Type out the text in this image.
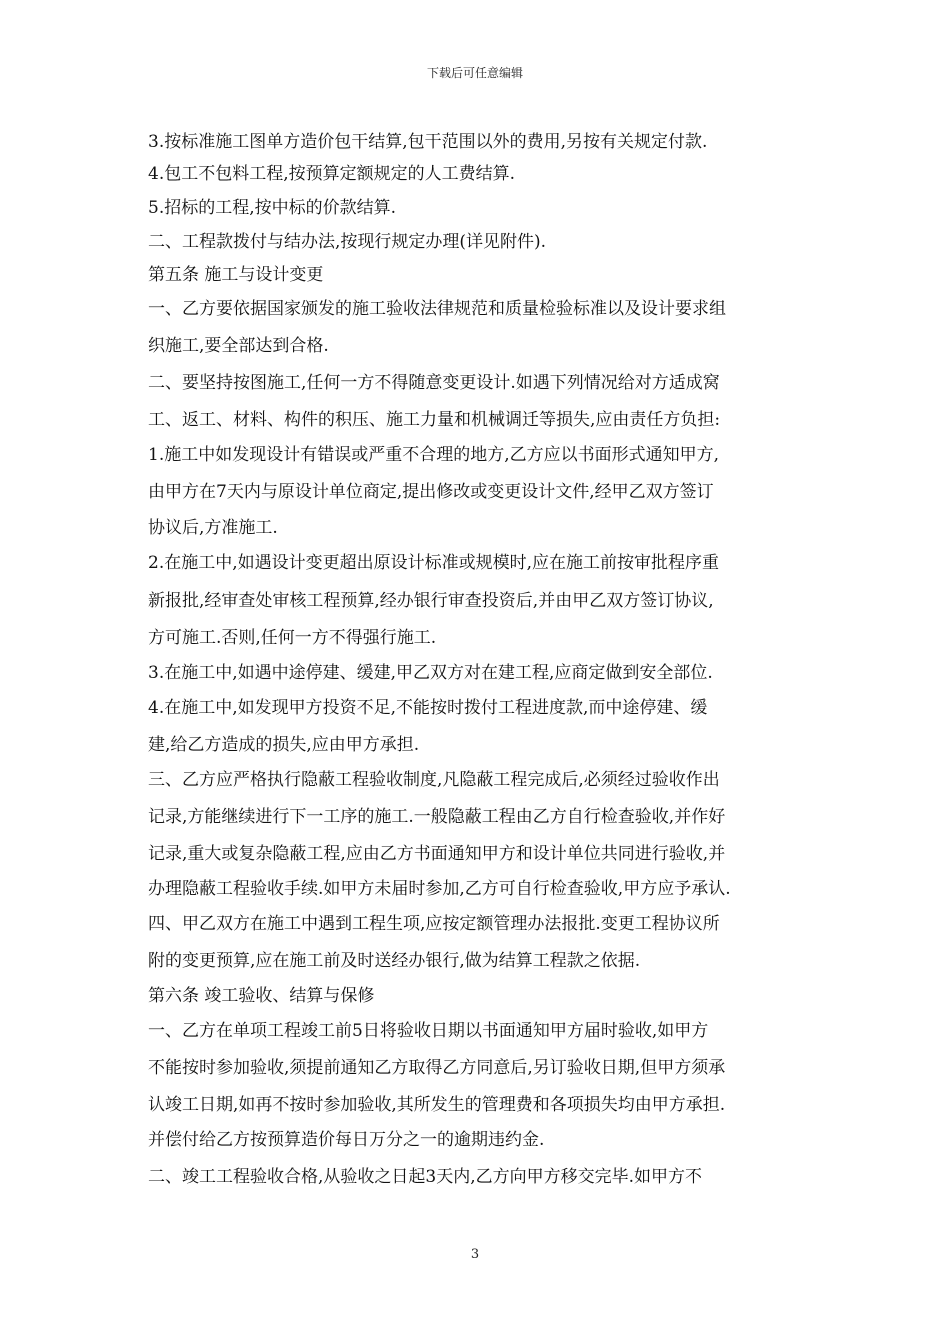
下载后可任意编辑
3.按标准施工图单方造价包干结算,包干范围以外的费用,另按有关规定付款.
4.包工不包料工程,按预算定额规定的人工费结算.
5.招标的工程,按中标的价款结算.
二、工程款拨付与结办法,按现行规定办理(详见附件).
第五条 施工与设计变更
一、乙方要依据国家颁发的施工验收法律规范和质量检验标准以及设计要求组
织施工,要全部达到合格.
二、要坚持按图施工,任何一方不得随意变更设计.如遇下列情况给对方适成窝
工、返工、材料、构件的积压、施工力量和机械调迁等损失,应由责任方负担:
1.施工中如发现设计有错误或严重不合理的地方,乙方应以书面形式通知甲方,
由甲方在7天内与原设计单位商定,提出修改或变更设计文件,经甲乙双方签订
协议后,方准施工.
2.在施工中,如遇设计变更超出原设计标准或规模时,应在施工前按审批程序重
新报批,经审查处审核工程预算,经办银行审查投资后,并由甲乙双方签订协议,
方可施工.否则,任何一方不得强行施工.
3.在施工中,如遇中途停建、缓建,甲乙双方对在建工程,应商定做到安全部位.
4.在施工中,如发现甲方投资不足,不能按时拨付工程进度款,而中途停建、缓
建,给乙方造成的损失,应由甲方承担.
三、乙方应严格执行隐蔽工程验收制度,凡隐蔽工程完成后,必须经过验收作出
记录,方能继续进行下一工序的施工.一般隐蔽工程由乙方自行检查验收,并作好
记录,重大或复杂隐蔽工程,应由乙方书面通知甲方和设计单位共同进行验收,并
办理隐蔽工程验收手续.如甲方未届时参加,乙方可自行检查验收,甲方应予承认.
四、甲乙双方在施工中遇到工程生项,应按定额管理办法报批.变更工程协议所
附的变更预算,应在施工前及时送经办银行,做为结算工程款之依据.
第六条 竣工验收、结算与保修
一、乙方在单项工程竣工前5日将验收日期以书面通知甲方届时验收,如甲方
不能按时参加验收,须提前通知乙方取得乙方同意后,另订验收日期,但甲方须承
认竣工日期,如再不按时参加验收,其所发生的管理费和各项损失均由甲方承担.
并偿付给乙方按预算造价每日万分之一的逾期违约金.
二、竣工工程验收合格,从验收之日起3天内,乙方向甲方移交完毕.如甲方不
3
